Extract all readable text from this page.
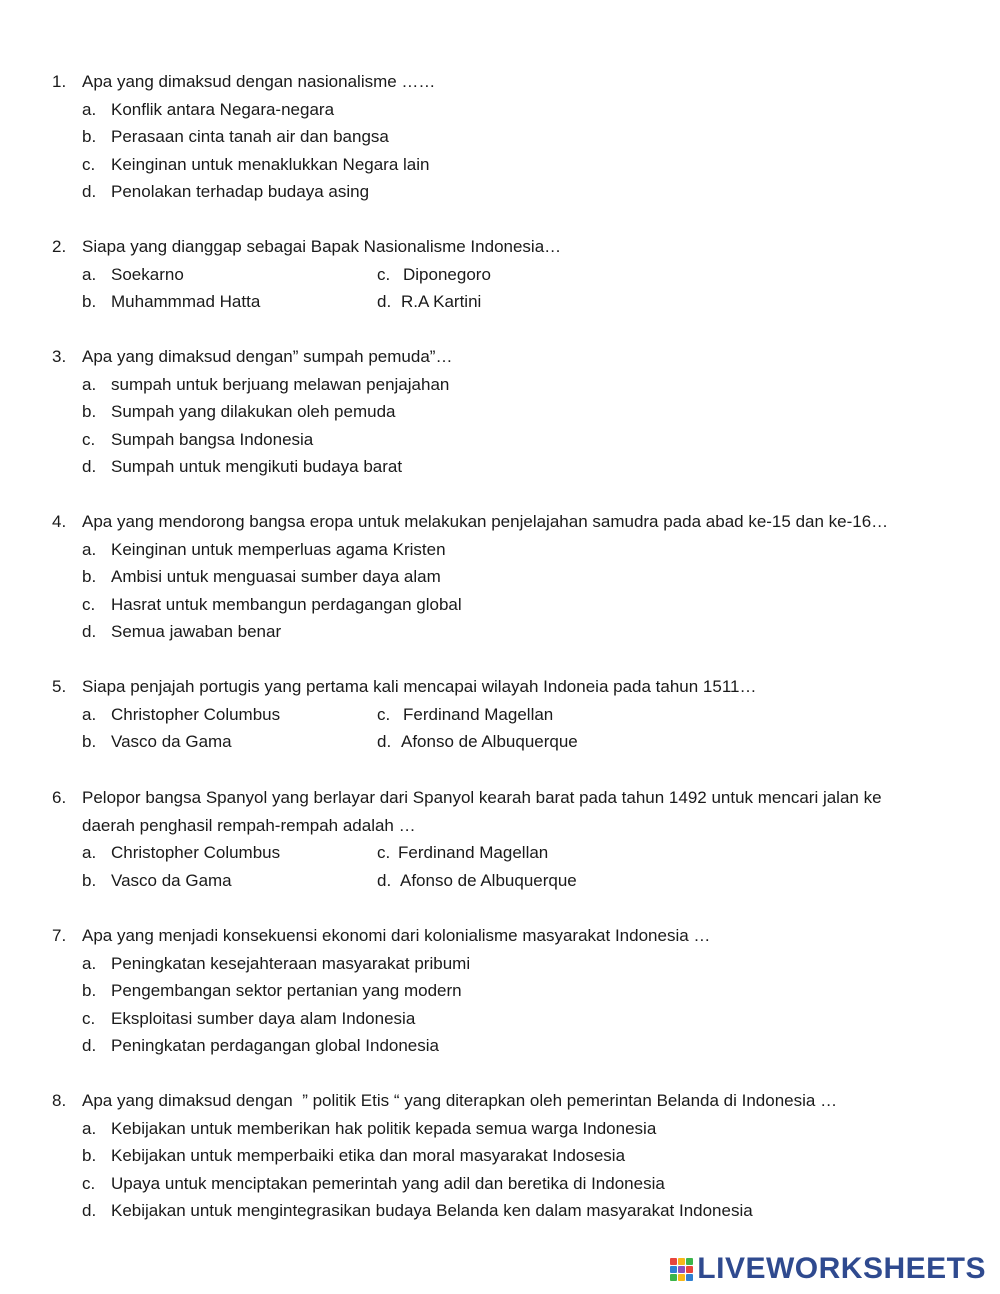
1. Apa yang dimaksud dengan nasionalisme ……
a. Konflik antara Negara-negara
b. Perasaan cinta tanah air dan bangsa
c. Keinginan untuk menaklukkan Negara lain
d. Penolakan terhadap budaya asing
2. Siapa yang dianggap sebagai Bapak Nasionalisme Indonesia…
a. Soekarno	c. Diponegoro
b. Muhammmad Hatta	d. R.A Kartini
3. Apa yang dimaksud dengan” sumpah pemuda”…
a. sumpah untuk berjuang melawan penjajahan
b. Sumpah yang dilakukan oleh pemuda
c. Sumpah bangsa Indonesia
d. Sumpah untuk mengikuti budaya barat
4. Apa yang mendorong bangsa eropa untuk melakukan penjelajahan samudra pada abad ke-15 dan ke-16…
a. Keinginan untuk memperluas agama Kristen
b. Ambisi untuk menguasai sumber daya alam
c. Hasrat untuk membangun perdagangan global
d. Semua jawaban benar
5. Siapa penjajah portugis yang pertama kali mencapai wilayah Indoneia pada tahun 1511…
a. Christopher Columbus	c. Ferdinand Magellan
b. Vasco da Gama	d. Afonso de Albuquerque
6. Pelopor bangsa Spanyol yang berlayar dari Spanyol kearah barat pada tahun 1492 untuk mencari jalan ke daerah penghasil rempah-rempah adalah …
a. Christopher Columbus	c. Ferdinand Magellan
b. Vasco da Gama	d. Afonso de Albuquerque
7. Apa yang menjadi konsekuensi ekonomi dari kolonialisme masyarakat Indonesia …
a. Peningkatan kesejahteraan masyarakat pribumi
b. Pengembangan sektor pertanian yang modern
c. Eksploitasi sumber daya alam Indonesia
d. Peningkatan perdagangan global Indonesia
8. Apa yang dimaksud dengan  ” politik Etis “ yang diterapkan oleh pemerintan Belanda di Indonesia …
a. Kebijakan untuk memberikan hak politik kepada semua warga Indonesia
b. Kebijakan untuk memperbaiki etika dan moral masyarakat Indosesia
c. Upaya untuk menciptakan pemerintah yang adil dan beretika di Indonesia
d. Kebijakan untuk mengintegrasikan budaya Belanda ken dalam masyarakat Indonesia
LIVEWORKSHEETS
